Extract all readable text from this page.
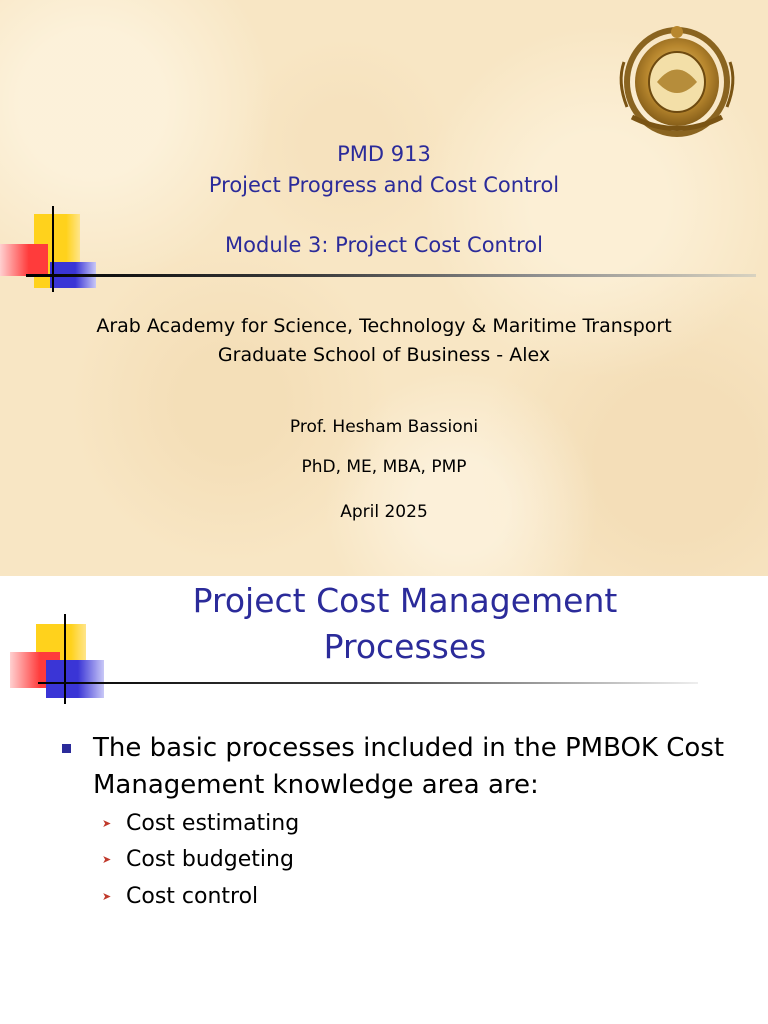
PMD 913

Project Progress and Cost Control

Module 3: Project Cost Control

Arab Academy for Science, Technology & Maritime Transport

Graduate School of Business - Alex

Prof. Hesham Bassioni

PhD, ME, MBA, PMP

April 2025

Project Cost Management

Processes

The basic processes included in the PMBOK Cost Management knowledge area are:

➤ Cost estimating
➤ Cost budgeting
➤ Cost control
